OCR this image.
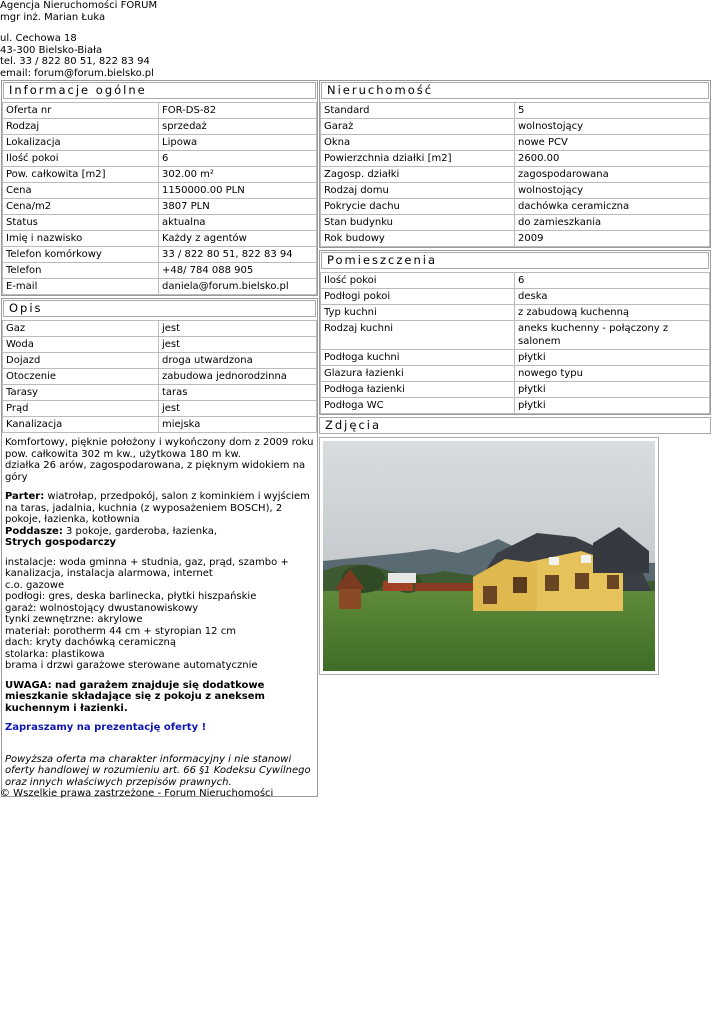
Agencja Nieruchomości FORUM
mgr inż. Marian Łuka
ul. Cechowa 18
43-300 Bielsko-Biała
tel. 33 / 822 80 51, 822 83 94
email: forum@forum.bielsko.pl
Informacje ogólne
Oferta nr	FOR-DS-82
Rodzaj	sprzedaż
Lokalizacja	Lipowa
Ilość pokoi	6
Pow. całkowita [m2]	302.00 m²
Cena	1150000.00 PLN
Cena/m2	3807 PLN
Status	aktualna
Imię i nazwisko	Każdy z agentów
Telefon komórkowy	33 / 822 80 51, 822 83 94
Telefon	+48/ 784 088 905
E-mail	daniela@forum.bielsko.pl
Opis
Gaz	jest
Woda	jest
Dojazd	droga utwardzona
Otoczenie	zabudowa jednorodzinna
Tarasy	taras
Prąd	jest
Kanalizacja	miejska

Komfortowy, pięknie położony i wykończony dom z 2009 roku
pow. całkowita 302 m kw., użytkowa 180 m kw.
działka 26 arów, zagospodarowana, z pięknym widokiem na góry

Parter: wiatrołap, przedpokój, salon z kominkiem i wyjściem na taras, jadalnia, kuchnia (z wyposażeniem BOSCH), 2 pokoje, łazienka, kotłownia
Poddasze: 3 pokoje, garderoba, łazienka,
Strych gospodarczy

instalacje: woda gminna + studnia, gaz, prąd, szambo + kanalizacja, instalacja alarmowa, internet
c.o. gazowe
podłogi: gres, deska barlinecka, płytki hiszpańskie
garaż: wolnostojący dwustanowiskowy
tynki zewnętrzne: akrylowe
materiał: porotherm 44 cm + styropian 12 cm
dach: kryty dachówką ceramiczną
stolarka: plastikowa
brama i drzwi garażowe sterowane automatycznie

UWAGA: nad garażem znajduje się dodatkowe mieszkanie składające się z pokoju z aneksem kuchennym i łazienki.

Zapraszamy na prezentację oferty !

Powyższa oferta ma charakter informacyjny i nie stanowi oferty handlowej w rozumieniu art. 66 §1 Kodeksu Cywilnego oraz innych właściwych przepisów prawnych.

Nieruchomość
Standard	5
Garaż	wolnostojący
Okna	nowe PCV
Powierzchnia działki [m2]	2600.00
Zagosp. działki	zagospodarowana
Rodzaj domu	wolnostojący
Pokrycie dachu	dachówka ceramiczna
Stan budynku	do zamieszkania
Rok budowy	2009
Pomieszczenia
Ilość pokoi	6
Podłogi pokoi	deska
Typ kuchni	z zabudową kuchenną
Rodzaj kuchni	aneks kuchenny - połączony z salonem
Podłoga kuchni	płytki
Glazura łazienki	nowego typu
Podłoga łazienki	płytki
Podłoga WC	płytki
Zdjęcia
© Wszelkie prawa zastrzeżone - Forum Nieruchomości
